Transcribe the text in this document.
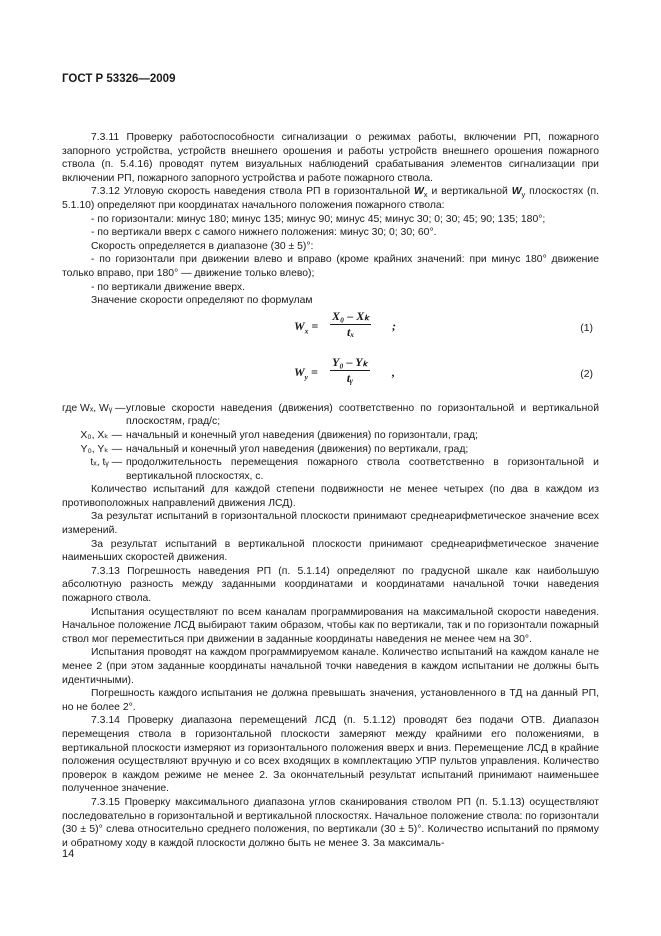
ГОСТ Р 53326—2009

7.3.11 Проверку работоспособности сигнализации о режимах работы, включении РП, пожарного запорного устройства, устройств внешнего орошения и работы устройств внешнего орошения пожарного ствола (п. 5.4.16) проводят путем визуальных наблюдений срабатывания элементов сигнализации при включении РП, пожарного запорного устройства и работе пожарного ствола.

7.3.12 Угловую скорость наведения ствола РП в горизонтальной $W_x$ и вертикальной $W_y$ плоскостях (п. 5.1.10) определяют при координатах начального положения пожарного ствола:

- по горизонтали: минус 180; минус 135; минус 90; минус 45; минус 30; 0; 30; 45; 90; 135; 180°;

- по вертикали вверх с самого нижнего положения: минус 30; 0; 30; 60°.

Скорость определяется в диапазоне (30 ± 5)°:

- по горизонтали при движении влево и вправо (кроме крайних значений: при минус 180° движение только вправо, при 180° — движение только влево);

- по вертикали движение вверх.

Значение скорости определяют по формулам

$W_x = \frac{\text{X₀ – Xₖ}}{\text{tₓ}}$ ;	(1)
$W_y = \frac{\text{Y₀ – Yₖ}}{\text{tᵧ}}$ ,	(2)
где Wₓ, Wᵧ — угловые скорости наведения (движения) соответственно по горизонтальной и вертикальной плоскостям, град/с;
X₀, Xₖ — начальный и конечный угол наведения (движения) по горизонтали, град;
Y₀, Yₖ — начальный и конечный угол наведения (движения) по вертикали, град;
tₓ, tᵧ — продолжительность перемещения пожарного ствола соответственно в горизонтальной и вертикальной плоскостях, с.

Количество испытаний для каждой степени подвижности не менее четырех (по два в каждом из противоположных направлений движения ЛСД).

За результат испытаний в горизонтальной плоскости принимают среднеарифметическое значение всех измерений.

За результат испытаний в вертикальной плоскости принимают среднеарифметическое значение наименьших скоростей движения.

7.3.13 Погрешность наведения РП (п. 5.1.14) определяют по градусной шкале как наибольшую абсолютную разность между заданными координатами и координатами начальной точки наведения пожарного ствола.

Испытания осуществляют по всем каналам программирования на максимальной скорости наведения. Начальное положение ЛСД выбирают таким образом, чтобы как по вертикали, так и по горизонтали пожарный ствол мог переместиться при движении в заданные координаты наведения не менее чем на 30°.

Испытания проводят на каждом программируемом канале. Количество испытаний на каждом канале не менее 2 (при этом заданные координаты начальной точки наведения в каждом испытании не должны быть идентичными).

Погрешность каждого испытания не должна превышать значения, установленного в ТД на данный РП, но не более 2°.

7.3.14 Проверку диапазона перемещений ЛСД (п. 5.1.12) проводят без подачи ОТВ. Диапазон перемещения ствола в горизонтальной плоскости замеряют между крайними его положениями, в вертикальной плоскости измеряют из горизонтального положения вверх и вниз. Перемещение ЛСД в крайние положения осуществляют вручную и со всех входящих в комплектацию УПР пультов управления. Количество проверок в каждом режиме не менее 2. За окончательный результат испытаний принимают наименьшее полученное значение.

7.3.15 Проверку максимального диапазона углов сканирования стволом РП (п. 5.1.13) осуществляют последовательно в горизонтальной и вертикальной плоскостях. Начальное положение ствола: по горизонтали (30 ± 5)° слева относительно среднего положения, по вертикали (30 ± 5)°. Количество испытаний по прямому и обратному ходу в каждой плоскости должно быть не менее 3. За максималь-

14
